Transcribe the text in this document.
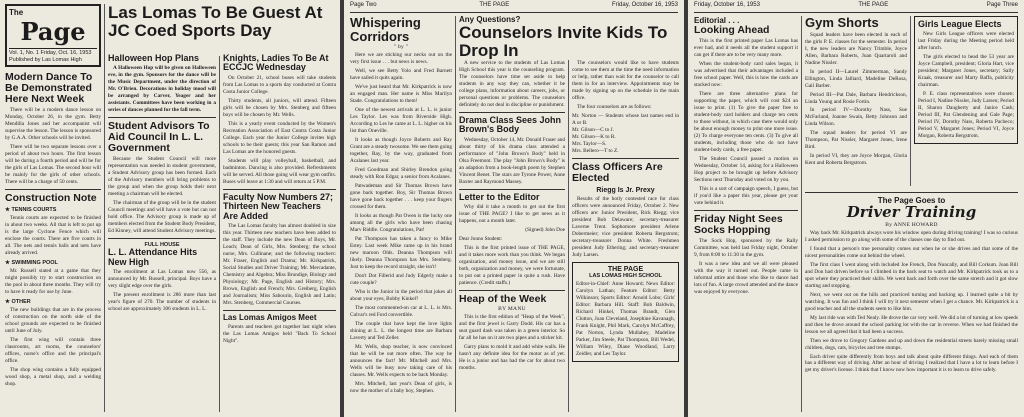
The
Page
Vol. 1, No. 1 Friday, Oct. 16, 1953
Published by Las Lomas High
Modern Dance To Be Demonstrated Here Next Week

There will be a modern dance lesson on Monday, October 26, in the gym. Betty Mendilla Jones and her accompanist will supervise the lesson. The lesson is sponsored by G.A.A. Other schools will be invited.

There will be two separate lessons over a period of about two hours. The first lesson will be during a fourth period and will be for the girls of Las Lomas. The second hour will be mainly for the girls of other schools. There will be a charge of 50 cents.

Construction Note
★ TENNIS COURTS

Tennis courts are expected to be finished in about two weeks. All that is left to put up is the large Cyclone Fence which will enclose the courts. There are five courts in all. The nets and tennis balls and nets have already arrived.

★ SWIMMING POOL

Mr. Russell stated at a game that they might possibly try to start construction on the pool in about three months. They will try to have it ready for use by June.

★ OTHER

The new buildings that are in the process of construction on the north side of the school grounds are expected to be finished until June of July.

The first wing will contain three classrooms, art rooms, the counselors' offices, nurse's office and the principal's office.

The shop wing contains a fully equipped wood shop, a metal shop, and a welding shop.

Las Lomas To Be Guest At JC Coed Sports Day
Halloween Hop Plans

A Halloween Hop will be given on Halloween eve, in the gym. Sponsors for the dance will be the Music Department, under the direction of Mr. O'Brien. Decorations in holiday mood will be arranged by Carver, Yeager and her assistants. Committees have been working in a series of dances planned for the fall term.

Student Advisors To Aid Council In L. L. Government

Because the Student Council will more representation was needed in student government, a Student Advisory group has been formed. Each of the Advisory members will bring problems to the group and when the group holds their next meeting a chairman will be elected.

The chairman of the group will be in the student Council meetings and will have a vote but can not hold office. The Advisory group is made up of members elected from the Student Body President, Ed Kinney, will attend Student Advisory meetings.

FULL HOUSE
L. L. Attendance Hits New High

The enrollment at Las Lomas now 556, as announced by Mr. Russell, principal. Boys have a very slight edge over the girls.

The present enrollment is 286 more than last year's figure of 270. The number of students in school are approximately 306 students in L. L.

Knights, Ladies To Be At ECCJC Wednesday

On October 21, school buses will take students from Las Lomas to a sports day conducted at Contra Costa Junior College.

Thirty students, all juniors, will attend. Fifteen girls will be chosen by Mrs. Stenberg and fifteen boys will be chosen by Mr. Wells.

This is a yearly event conducted by the Women's Recreation Association of East Contra Costa Junior College. Each year the Junior College invites high schools to be their guests; this year San Ramon and Las Lomas are the honored guests.

Students will play volleyball, basketball, and badminton. Dancing is also provided. Refreshments will be served. All those going will wear gym outfits. Buses will leave at 1:30 and will return at 5 P.M.

Faculty Now Numbers 27; Thirteen New Teachers Are Added

The Las Lomas faculty has almost doubled in size this year. Thirteen new teachers have been added to the staff. They include the new Dean of Boys, Mr. Leach; Dean of Girls, Mrs. Stenberg; the school nurse, Mrs. Cullinane; and the following teachers: Mr. Fraser, English and Drama; Mr. Kirkpatrick, Social Studies and Driver Training; Mr. Mercadante, Chemistry and Algebra; Miss Brundige, Biology and Physiology; Mr. Page, English and History; Mrs. Brown, English and French; Mrs. Greiberg, English and Journalism; Miss Sabourin, English and Latin; Mrs. Stenberg, Commercial Courses.

Las Lomas Amigos Meet

Parents and teachers got together last night when the Las Lomas Amigos held "Back To School Night".

Page Two	THE PAGE	Friday, October 16, 1953
Whispering Corridors
" by "

Here we are sticking our necks out on the very first issue . . . but news is news.

Well, we see Betty Yolo and Fred Barnett have sailed it quits again.

We've just heard that Mr. Kirkpatrick is now an engaged man. Her name is Miss Marilyn Stade. Congratulations to them!

One of the newest arrivals at L. L. is junior Les Taylor. Les was from Riverside High. According to Les he came at L. L. higher on his list than Oneville.

It looks as though Joyce Roberts and Ray Grant are a steady twosome. We see them going together, Ray, by the way, graduated from Acalanes last year.

Fred Goodman and Shirley Brendon going steady with Ron Edgar, a senior from Acalanes.

Patwademan and Sir Thomas Brown have gone back together. Boy, Sir Thomas Brown have gone back together . . . keep your fingers crossed for them.

It looks as though Pat Owen is the lucky one among all the girls who have been chasing Marv Riddle. Congratulations, Pat!

Pat Thompson has taken a fancy to Mike Estey. Last week Mike came up in his brand new maroon Olds. Deanna Thompson will likely. Deanna Thompson has Mrs. Stenberg. Just to keep the record straight, she isn't!

Don't Dot Fillerid and Judy Edgerly make a cute couple?

Who is the Junior in the period that jokes all about your eyes, Bobby Kinkel?

The most commented-on car at L. L. is Mrs. Culvar's red Ford convertible.

The couple that have kept the love lights shining at L. L. the longest time are Barbara Laverty and Ted Zeller.

Mr. Wells, shop teacher, is now convinced that he will be out more often. The way he announces the fact! Mr. Mitchell and Mrs. Wells will be busy now taking care of his classes. Mr. Wells expects to be back Monday.

Mrs. Mitchell, last year's Dean of girls, is now the mother of a baby boy, Stephen.

Any Questions?
Counselors Invite Kids To Drop In

A new service to the students of Las Lomas High School this year is the counseling program. The counselors have time set aside to help students in any way they can, whether it be college plans, information about careers, jobs, or personal questions or problems. The counselors definitely do not deal in discipline or punishment.

Drama Class Sees John Brown's Body

Wednesday, October 14, Mr. Donald Fraser and about thirty of his drama class attended a performance of "John Brown's Body" held in Olsa Freemont. The play "John Brown's Body" is an adaption from a book-length poem by Stephen Vincent Benet. The stars are Tyrone Power, Anne Baxter and Raymond Massey.

Letter to the Editor

Why did it take a month to get out the first issue of THE PAGE? I like to get news as it happens, not a month later.

(Signed) John Doe

Dear Jonno Student:

This is the first printed issue of THE PAGE, and it takes more work than you think. We began organization, and money issue, and we are still both, organization and money, we were fortunate, to put out a printed paper in quite a rush. Have patience. (Credit staffs.)

Heap of the Week
BY MANU

This is the first edition of "Heap of the Week", and the first jewel is Garry Dodd. His car has a seat guard dash was taken in a green interior. So far all he has on it are two pipes and a sticker kit.

Garry plans to mold it and add white walls. He hasn't any definite idea for the motor as of yet. He is a junior and has had the car for about two months.

The counselors would like to have students come to see them at the time the need information or help, rather than wait for the counselor to call them in for an interview. Appointments may be made by signing up on the schedule in the main office.

The four counselors are as follows:

Mr. Norton — Students whose last names end in A or B.
Mr. Gilson—C to J.
Mr. Gilson—K to R.
Mrs. Taylor—S.
Mrs. Bellero—T to Z.

Class Officers Are Elected
Riegg Is Jr. Prexy

Results of the hotly contested race for class officers were announced Friday, October 2. New officers are: Junior President, Rick Riegg; vice president Bob Delaware; secretary-treasurer Laverne Trent. Sophomore president Arlene Dobermeier; vice president Roberta Bergstrom; secretary-treasurer Donna White. Freshmen president Judy Ethering; and secretary-treasurer Judy Larsen.

THE PAGE
LAS LOMAS HIGH SCHOOL

Editor-in-Chief: Anne Howard; News Editor: Carolyn Lathan; Feature Editor: Betty Wilkinson; Sports Editor: Arnold Lobo; Girls' Editor: Barbara Hill. Staff: Bob Baldwin, Richard Hinkel, Thomas Brandt, Glen Clutton, Joan Cleveland, Josephine Kavanagh, Frank Knight, Phil Mark, Carolyn McCaffrey, Pat Norton, Lynda Mullahey, Madeline Parker, Jim Steele, Pat Thompson, Bill Wedel, William Wiley, Diane Woodland, Larry Zeidler, and Les Taylor.

Friday, October 16, 1953	THE PAGE	Page Three
Editorial . . .
Looking Ahead

This is the first printed paper Las Lomas has ever had, and it needs all the student support it can get if there are to be very many more.

When the student-body card sales began, it was advertised that their advantages included a free school paper. Well, this is how the cards are stacked now:

There are three alternative plans for supporting the paper, which will cost $24 an issue to print. (1) To give the paper free to student-body card holders and charge ten cents to those without, in which case there would only be about enough money to print one more issue. (2) To charge everyone ten cents. (3) To give all students, including those who do not have student-body cards, a free paper.

The Student Council passed a motion on Wednesday, October 14, asking for a Halloween Hop project to be brought up before Advisory Sections next Thursday and voted on by you.

This is a sort of campaign speech, I guess, but if you'd like a paper this year, please get your vote behind it.

Friday Night Sees Socks Hopping

The Sock Hop, sponsored by the Rally Committee, was held last Friday night, October 9, from 8:00 to 11:30 in the gym.

It was a new idea and we all were pleased with the way it turned out. People came in informal attire and those who like to dance had lots of fun. A large crowd attended and the dance was enjoyed by everyone.

Gym Shorts

Squad leaders have been elected in each of the girls P. E. classes for the semester. In period I, the new leaders are Nancy Trimble, Joyce Allen, Barbara Roberts, Juan Quartaroli and Nadine Nissler.

In period II—Laurel Zimmerman, Sandy Ellington, Linda Jalliard, Madeline DeRosa, Gail Barber.

Period III—Pat Dale, Barbara Hendrickson, Linda Young and Rosie Fortin.

In period IV—Dorothy Nass, Sue McFarland, Joanne Swain, Betty Johnson and Linda Wilson.

The squad leaders for period VI are Thompson, Pat Nissler, Margaret Jones, Irene Bird.

In period VI, they are Joyce Morgan, Gloria Kent and Roberta Bergstrom.

Girls League Elects

New Girls League officers were elected last Friday during the Meeting period held after lunch.

The girls elected to head the 53 year are Joyce Campbell, president; Gloria Hart, vice president; Margaret Jones, secretary; Sally Kraak, treasurer and Marty Baffa, publicity chairman.

P. E. class representatives were chosen: Period I, Nadine Nissler, Judy Larsen; Period II, Sharon Daugherty and Janice Cash; Period III, Pat Glendening and Gale Page; Period IV, Dorothy Nass, Roberta Pacheco; Period V, Margaret Jones; Period VI, Joyce Morgan, Roberta Bergstrom.

The Page Goes to
Driver Training
By ANNE HOWARD

Way back Mr. Kirkpatrick always wore his window open during driving training! I was so curious I asked permission to go along with some of the classes one day to find out.

I found that a person's true personality comes out when he or she drives and that some of the nicest personalities come out behind the wheel.

The first class I went along with included Joe French, Don Nuncally, and Bill Corkum. Joan Bill and Don had driven before so I climbed in the back seat to watch and Mr. Kirkpatrick took us to a spot where they practiced their skills. We went back and forth over the same stretch and it got slow starting and stopping.

Next, we went out on the hills and practiced turning and backing up. I learned quite a bit by watching. It was fun and I think I will try it next semester when I get a chance. Mr. Kirkpatrick is a good teacher and all the students seem to like him.

My last ride was with Ted Nealy. He drove the car very well. We did a lot of turning at low speeds and then he drove around the school parking lot with the car in reverse. When we had finished the lesson we all agreed that it had been a success.

Then we drove to Gregory Gardens and up and down the residential streets barely missing small children, dogs, cats, bicycles and tree stumps.

Each driver quite differently from boys and talk about quite different things. And each of them has a different way of driving. After an hour of driving I realized that I have a lot to learn before I get my driver's license. I think that I know now how important it is to learn to drive safely.
